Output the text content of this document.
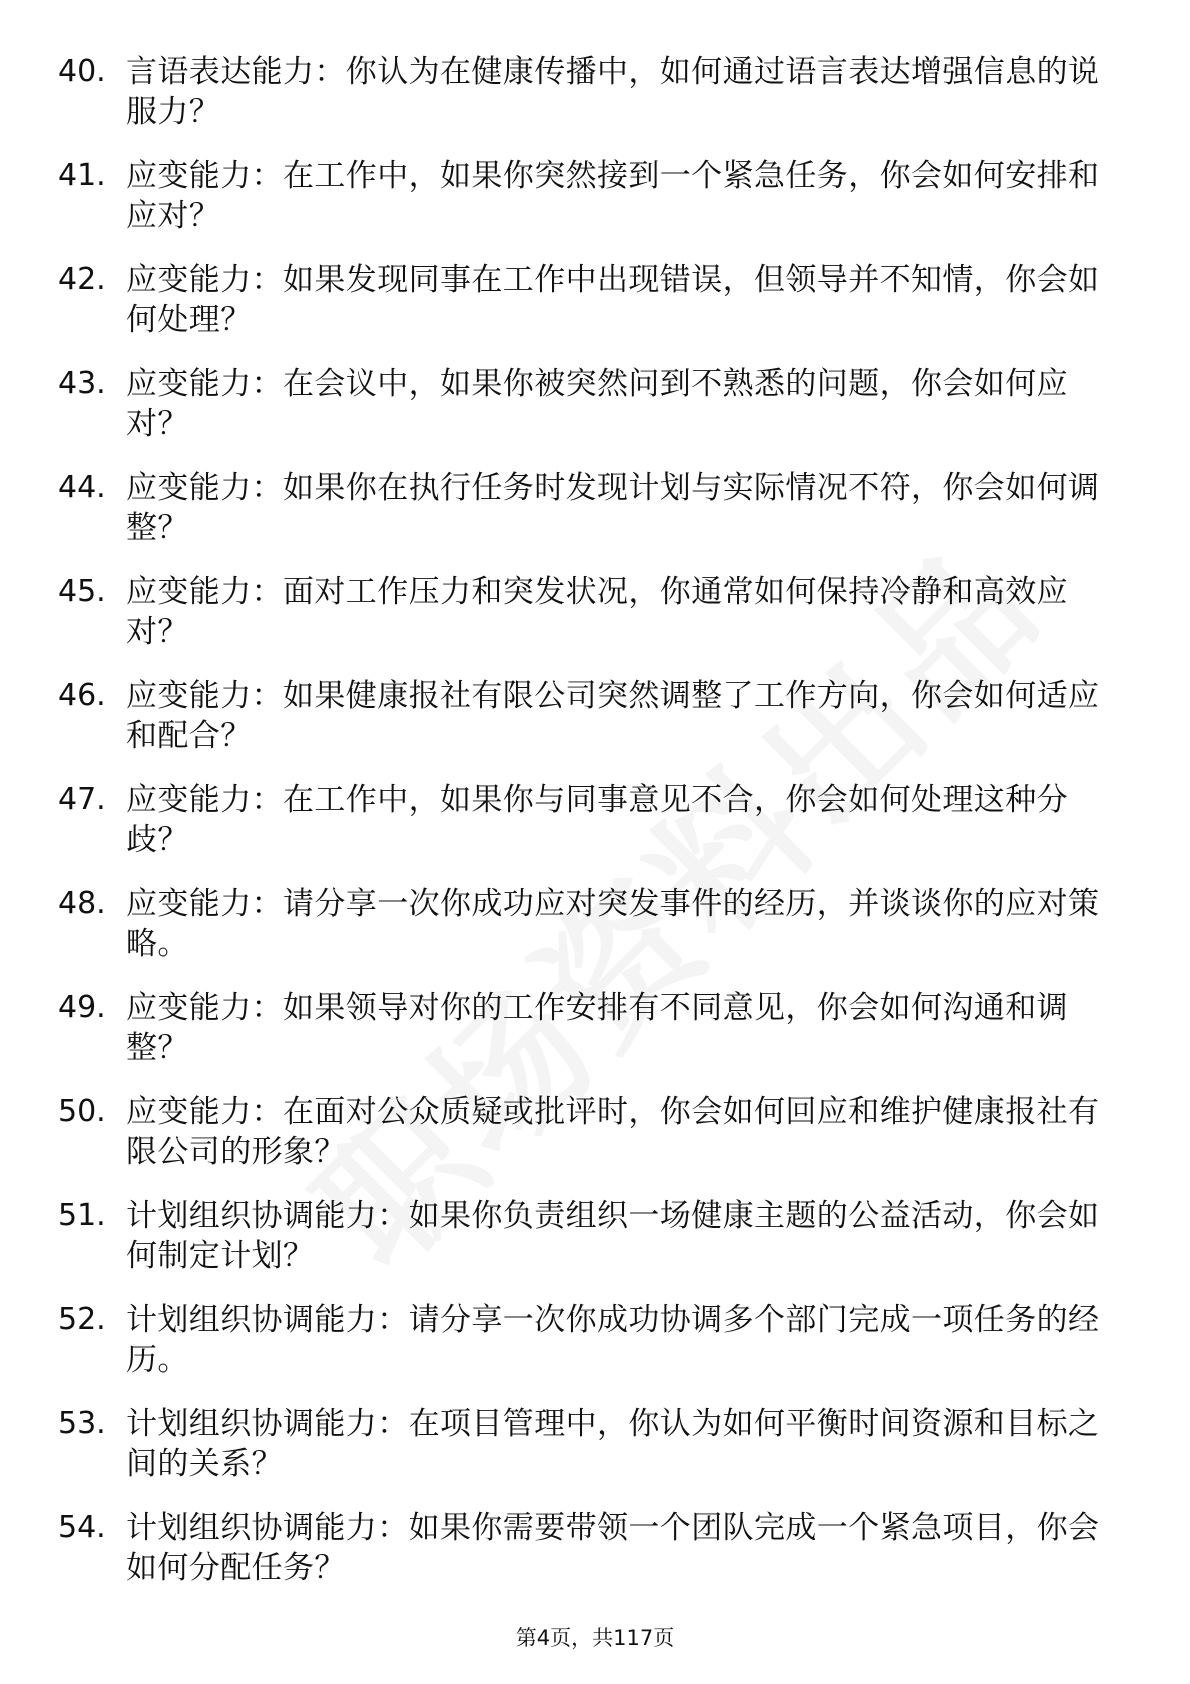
40. 言语表达能力：你认为在健康传播中，如何通过语言表达增强信息的说服力？
41. 应变能力：在工作中，如果你突然接到一个紧急任务，你会如何安排和应对？
42. 应变能力：如果发现同事在工作中出现错误，但领导并不知情，你会如何处理？
43. 应变能力：在会议中，如果你被突然问到不熟悉的问题，你会如何应对？
44. 应变能力：如果你在执行任务时发现计划与实际情况不符，你会如何调整？
45. 应变能力：面对工作压力和突发状况，你通常如何保持冷静和高效应对？
46. 应变能力：如果健康报社有限公司突然调整了工作方向，你会如何适应和配合？
47. 应变能力：在工作中，如果你与同事意见不合，你会如何处理这种分歧？
48. 应变能力：请分享一次你成功应对突发事件的经历，并谈谈你的应对策略。
49. 应变能力：如果领导对你的工作安排有不同意见，你会如何沟通和调整？
50. 应变能力：在面对公众质疑或批评时，你会如何回应和维护健康报社有限公司的形象？
51. 计划组织协调能力：如果你负责组织一场健康主题的公益活动，你会如何制定计划？
52. 计划组织协调能力：请分享一次你成功协调多个部门完成一项任务的经历。
53. 计划组织协调能力：在项目管理中，你认为如何平衡时间资源和目标之间的关系？
54. 计划组织协调能力：如果你需要带领一个团队完成一个紧急项目，你会如何分配任务？
第4页，共117页
